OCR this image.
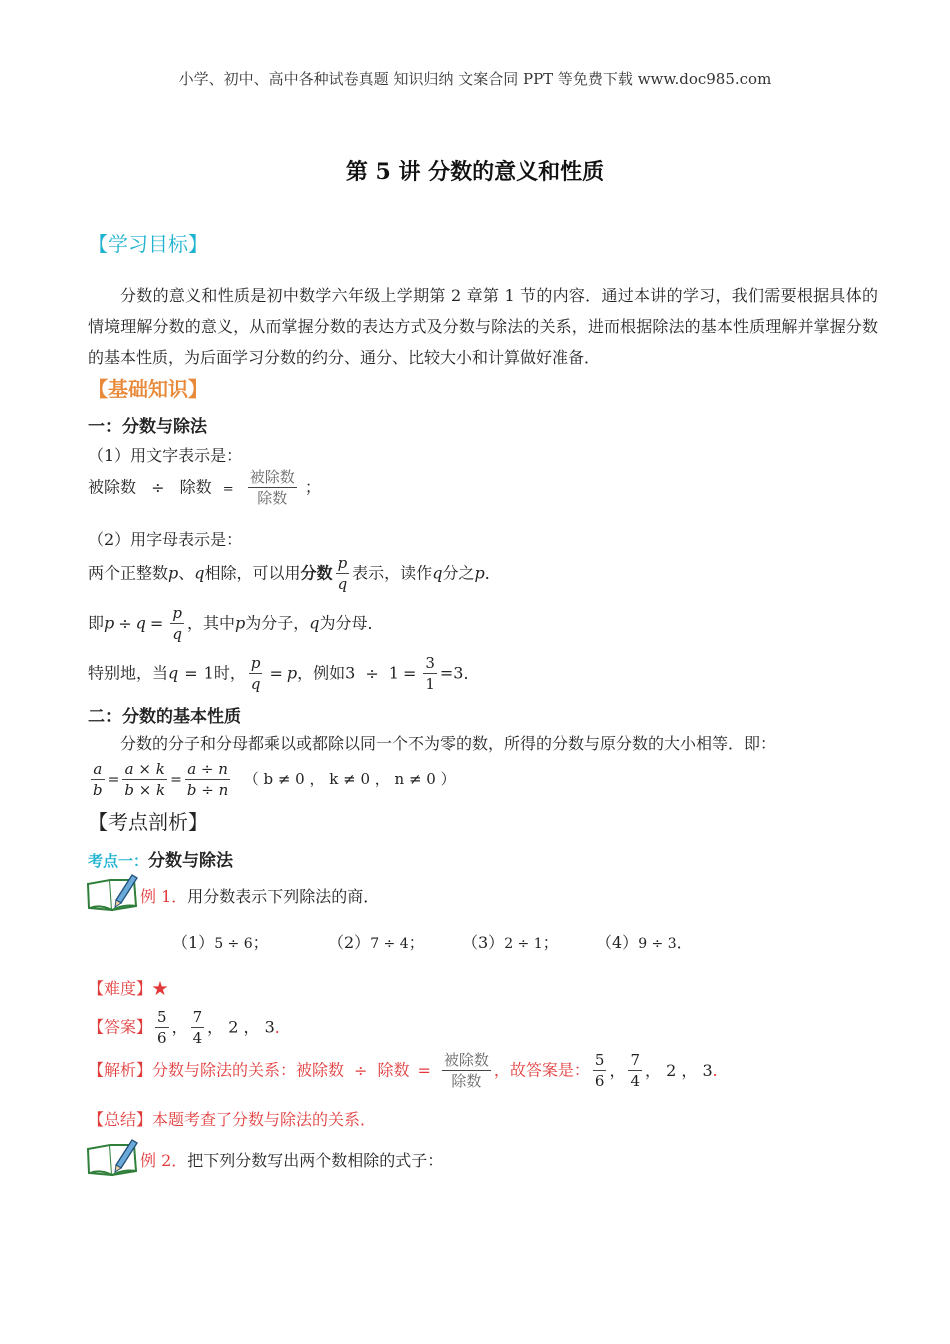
小学、初中、高中各种试卷真题 知识归纳 文案合同 PPT 等免费下载 www.doc985.com
第 5 讲 分数的意义和性质
【学习目标】
分数的意义和性质是初中数学六年级上学期第 2 章第 1 节的内容．通过本讲的学习，我们需要根据具体的情境理解分数的意义，从而掌握分数的表达方式及分数与除法的关系，进而根据除法的基本性质理解并掌握分数的基本性质，为后面学习分数的约分、通分、比较大小和计算做好准备．
【基础知识】
一：分数与除法
（1）用文字表示是：
被除数 ÷ 除数 = $\frac{\text{被除数}}{\text{除数}}$ ；
（2）用字母表示是：
两个正整数p、q相除，可以用分数 $\frac{p}{q}$ 表示，读作q分之p．
即$p \div q = \frac{p}{q}$ ，其中p为分子，q为分母．
特别地，当q = 1时， $\frac{p}{q} = p$，例如$3 \div 1 = \frac{3}{1} =3$．
二：分数的基本性质
分数的分子和分母都乘以或都除以同一个不为零的数，所得的分数与原分数的大小相等．即：
$\frac{a}{b} = \frac{a \times k}{b \times k} = \frac{a \div n}{b \div n}$ （ b ≠ 0 ， k ≠ 0 ， n ≠ 0 ）
【考点剖析】
考点一：分数与除法
例 1．用分数表示下列除法的商．
（1）5 ÷ 6；	（2）7 ÷ 4； （3）2 ÷ 1； （4）9 ÷ 3．
【难度】★
【答案】 $\frac{5}{6}$ ， $\frac{7}{4}$ ， 2 ， 3．
【解析】分数与除法的关系：被除数 ÷ 除数 = $\frac{\text{被除数}}{\text{除数}}$ ，故答案是： $\frac{5}{6}$ ， $\frac{7}{4}$ ， 2 ， 3．
【总结】本题考查了分数与除法的关系．
例 2．把下列分数写出两个数相除的式子：
